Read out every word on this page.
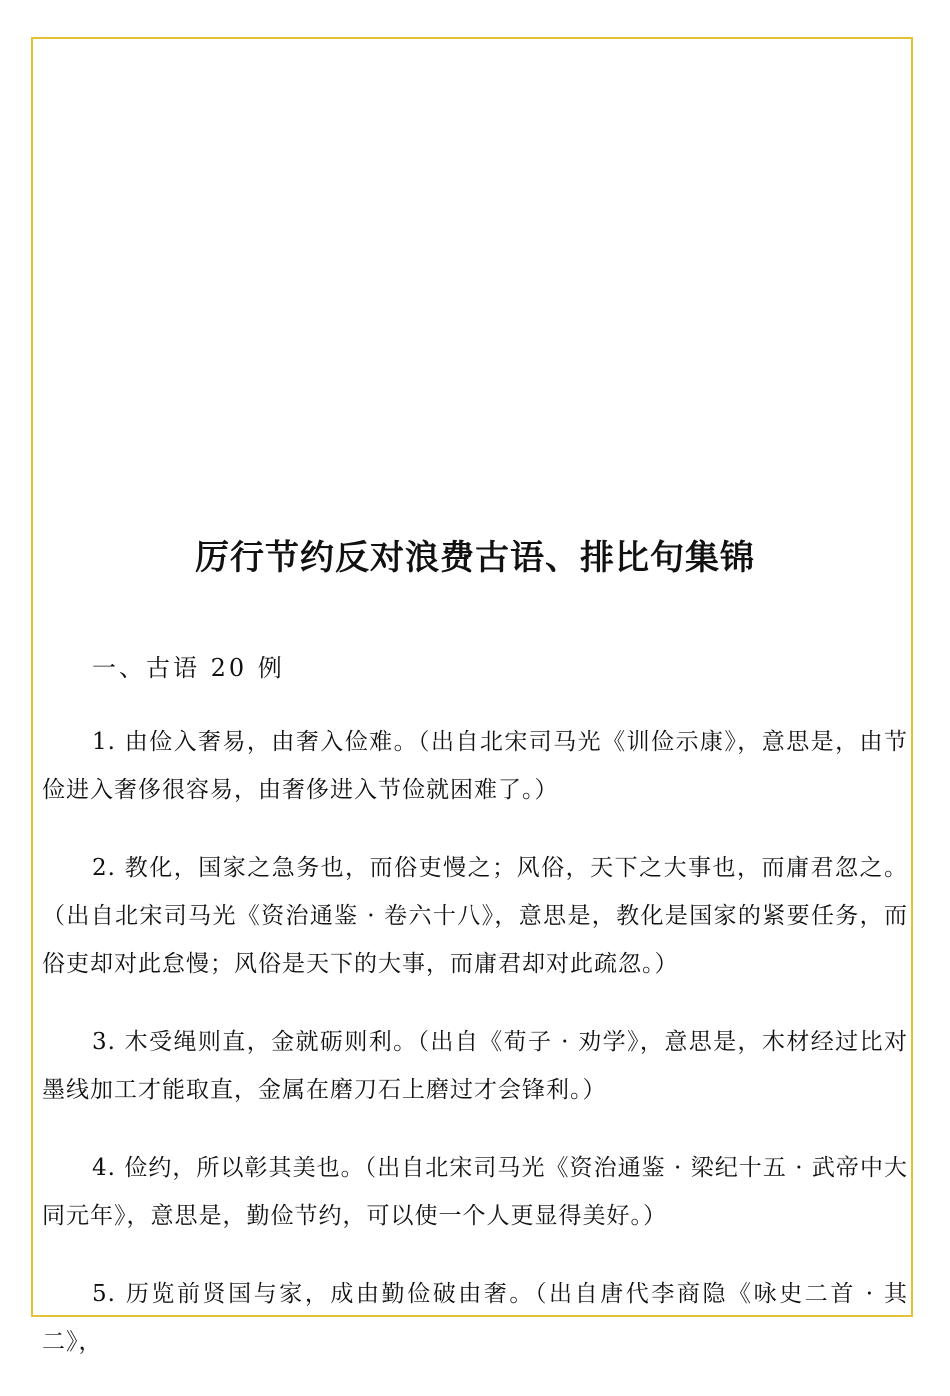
厉行节约反对浪费古语、排比句集锦
一、古语 20 例

1. 由俭入奢易，由奢入俭难。（出自北宋司马光《训俭示康》，意思是，由节俭进入奢侈很容易，由奢侈进入节俭就困难了。）

2. 教化，国家之急务也，而俗吏慢之；风俗，天下之大事也，而庸君忽之。（出自北宋司马光《资治通鉴 · 卷六十八》，意思是，教化是国家的紧要任务，而俗吏却对此怠慢；风俗是天下的大事，而庸君却对此疏忽。）

3. 木受绳则直，金就砺则利。（出自《荀子 · 劝学》，意思是，木材经过比对墨线加工才能取直，金属在磨刀石上磨过才会锋利。）

4. 俭约，所以彰其美也。（出自北宋司马光《资治通鉴 · 梁纪十五 · 武帝中大同元年》，意思是，勤俭节约，可以使一个人更显得美好。）

5. 历览前贤国与家，成由勤俭破由奢。（出自唐代李商隐《咏史二首 · 其二》，
